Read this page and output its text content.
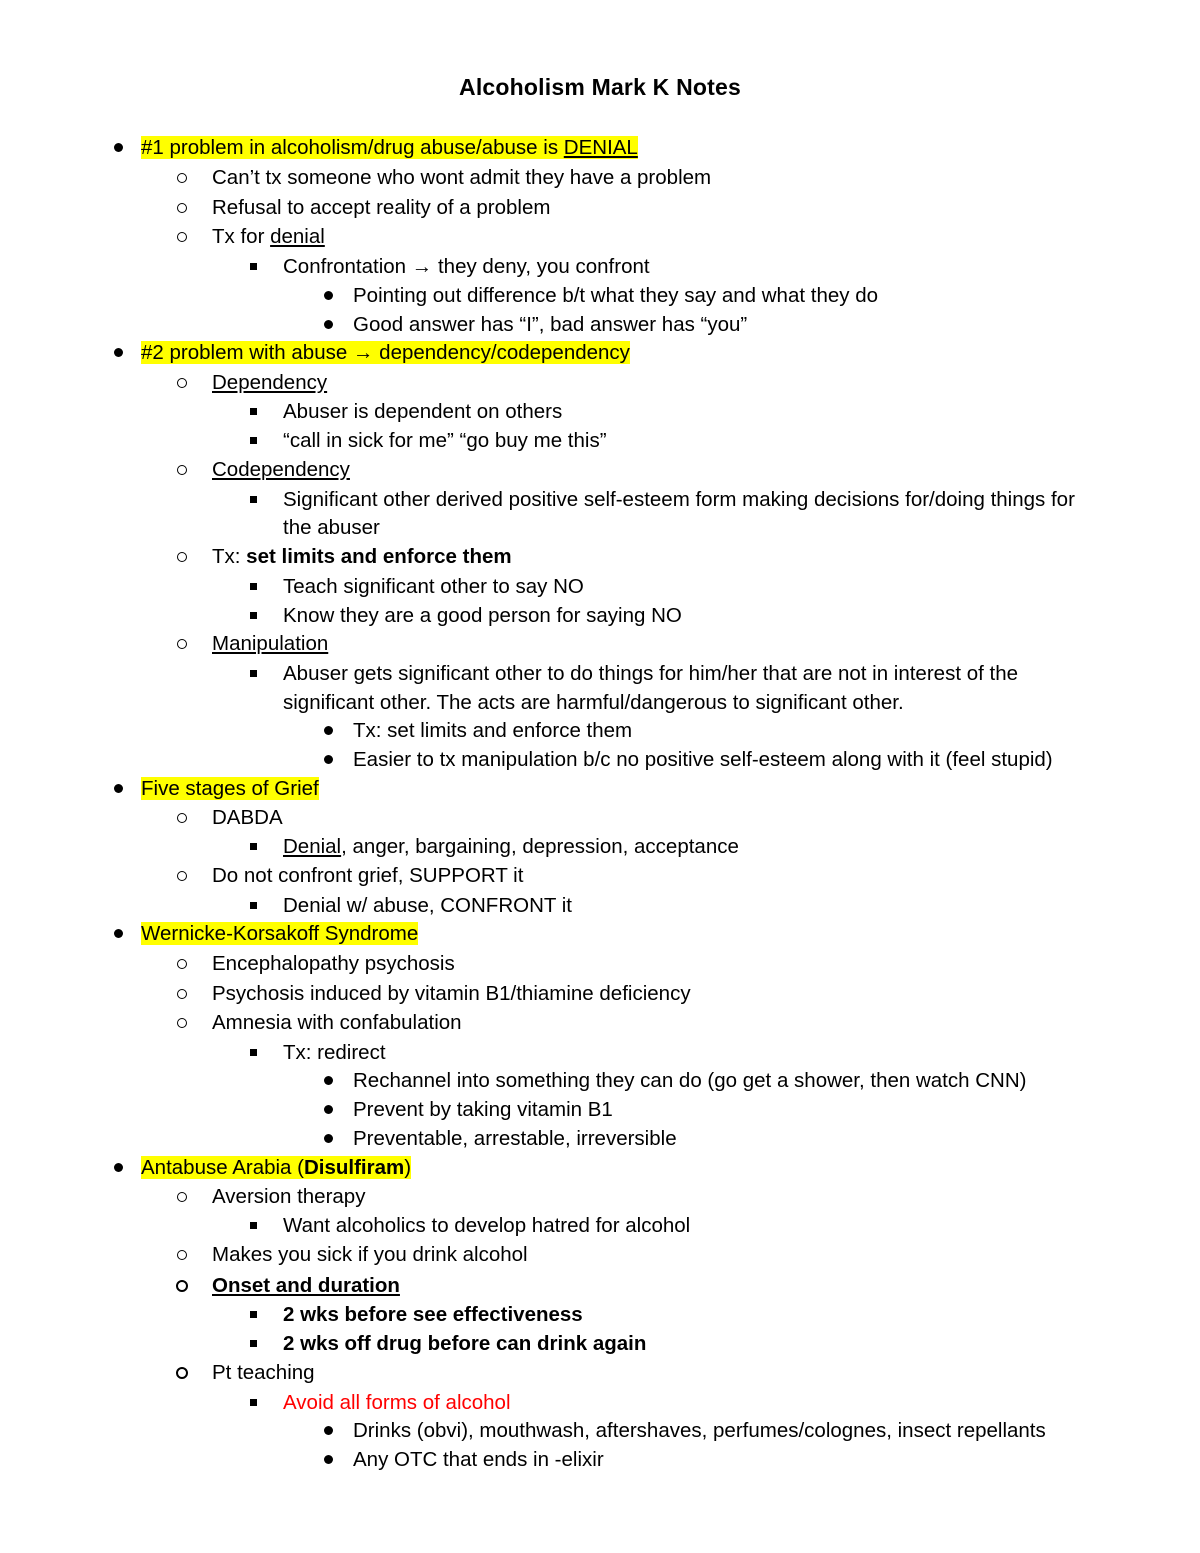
Alcoholism Mark K Notes
#1 problem in alcoholism/drug abuse/abuse is DENIAL
Can’t tx someone who wont admit they have a problem
Refusal to accept reality of a problem
Tx for denial
Confrontation → they deny, you confront
Pointing out difference b/t what they say and what they do
Good answer has “I”, bad answer has “you”
#2 problem with abuse → dependency/codependency
Dependency
Abuser is dependent on others
“call in sick for me” “go buy me this”
Codependency
Significant other derived positive self-esteem form making decisions for/doing things for
the abuser
Tx: set limits and enforce them
Teach significant other to say NO
Know they are a good person for saying NO
Manipulation
Abuser gets significant other to do things for him/her that are not in interest of the
significant other. The acts are harmful/dangerous to significant other.
Tx: set limits and enforce them
Easier to tx manipulation b/c no positive self-esteem along with it (feel stupid)
Five stages of Grief
DABDA
Denial, anger, bargaining, depression, acceptance
Do not confront grief, SUPPORT it
Denial w/ abuse, CONFRONT it
Wernicke-Korsakoff Syndrome
Encephalopathy psychosis
Psychosis induced by vitamin B1/thiamine deficiency
Amnesia with confabulation
Tx: redirect
Rechannel into something they can do (go get a shower, then watch CNN)
Prevent by taking vitamin B1
Preventable, arrestable, irreversible
Antabuse Arabia (Disulfiram)
Aversion therapy
Want alcoholics to develop hatred for alcohol
Makes you sick if you drink alcohol
Onset and duration
2 wks before see effectiveness
2 wks off drug before can drink again
Pt teaching
Avoid all forms of alcohol
Drinks (obvi), mouthwash, aftershaves, perfumes/colognes, insect repellants
Any OTC that ends in -elixir
